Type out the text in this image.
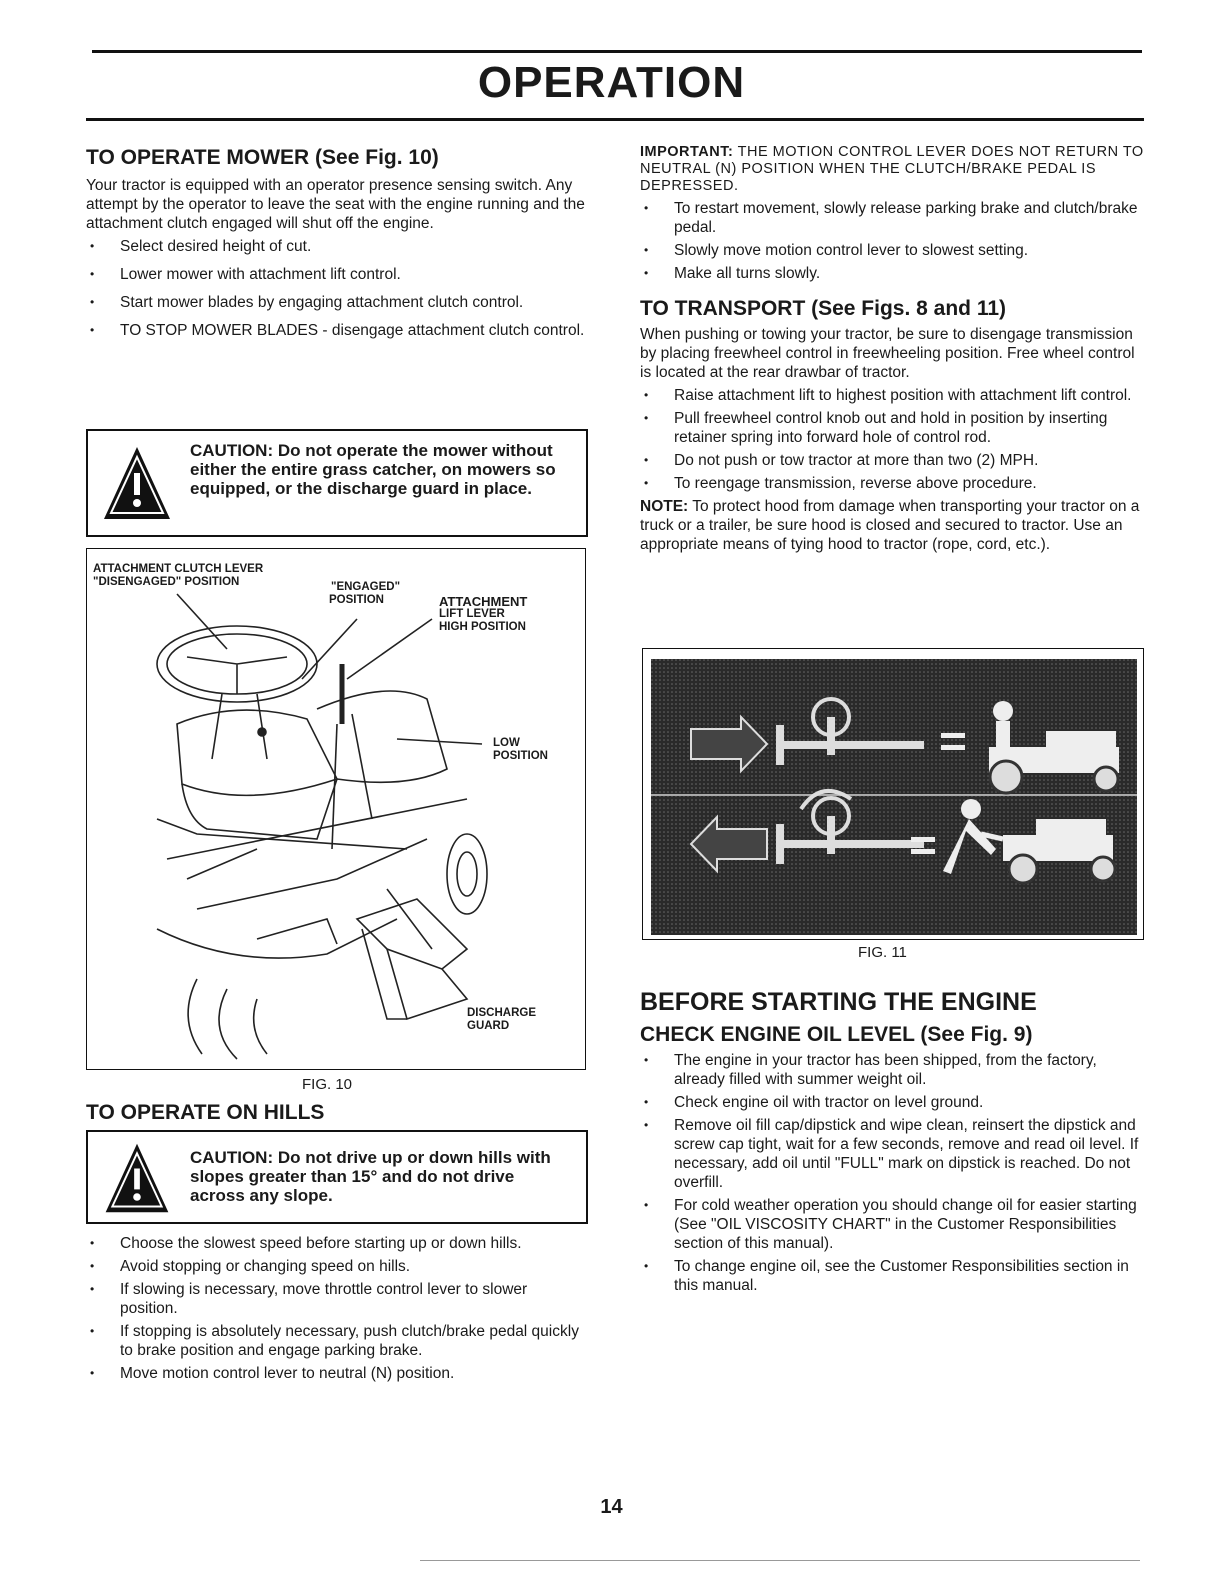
OPERATION
TO OPERATE MOWER (See Fig. 10)

Your tractor is equipped with an operator presence sensing switch. Any attempt by the operator to leave the seat with the engine running and the attachment clutch engaged will shut off the engine.

• Select desired height of cut.
• Lower mower with attachment lift control.
• Start mower blades by engaging attachment clutch control.
• TO STOP MOWER BLADES - disengage attachment clutch control.
CAUTION: Do not operate the mower without either the entire grass catcher, on mowers so equipped, or the discharge guard in place.
ATTACHMENT CLUTCH LEVER
"DISENGAGED" POSITION	"ENGAGED"
POSITION	ATTACHMENT
LIFT LEVER
HIGH POSITION
LOW
POSITION
DISCHARGE
GUARD
FIG. 10
TO OPERATE ON HILLS
CAUTION: Do not drive up or down hills with slopes greater than 15° and do not drive across any slope.
• Choose the slowest speed before starting up or down hills.
• Avoid stopping or changing speed on hills.
• If slowing is necessary, move throttle control lever to slower position.
• If stopping is absolutely necessary, push clutch/brake pedal quickly to brake position and engage parking brake.
• Move motion control lever to neutral (N) position.

IMPORTANT: THE MOTION CONTROL LEVER DOES NOT RETURN TO NEUTRAL (N) POSITION WHEN THE CLUTCH/BRAKE PEDAL IS DEPRESSED.

• To restart movement, slowly release parking brake and clutch/brake pedal.
• Slowly move motion control lever to slowest setting.
• Make all turns slowly.
TO TRANSPORT (See Figs. 8 and 11)

When pushing or towing your tractor, be sure to disengage transmission by placing freewheel control in freewheeling position. Free wheel control is located at the rear drawbar of tractor.

• Raise attachment lift to highest position with attachment lift control.
• Pull freewheel control knob out and hold in position by inserting retainer spring into forward hole of control rod.
• Do not push or tow tractor at more than two (2) MPH.
• To reengage transmission, reverse above procedure.

NOTE: To protect hood from damage when transporting your tractor on a truck or a trailer, be sure hood is closed and secured to tractor. Use an appropriate means of tying hood to tractor (rope, cord, etc.).

FIG. 11
BEFORE STARTING THE ENGINE
CHECK ENGINE OIL LEVEL (See Fig. 9)
• The engine in your tractor has been shipped, from the factory, already filled with summer weight oil.
• Check engine oil with tractor on level ground.
• Remove oil fill cap/dipstick and wipe clean, reinsert the dipstick and screw cap tight, wait for a few seconds, remove and read oil level. If necessary, add oil until "FULL" mark on dipstick is reached. Do not overfill.
• For cold weather operation you should change oil for easier starting (See "OIL VISCOSITY CHART" in the Customer Responsibilities section of this manual).
• To change engine oil, see the Customer Responsibilities section in this manual.
14
